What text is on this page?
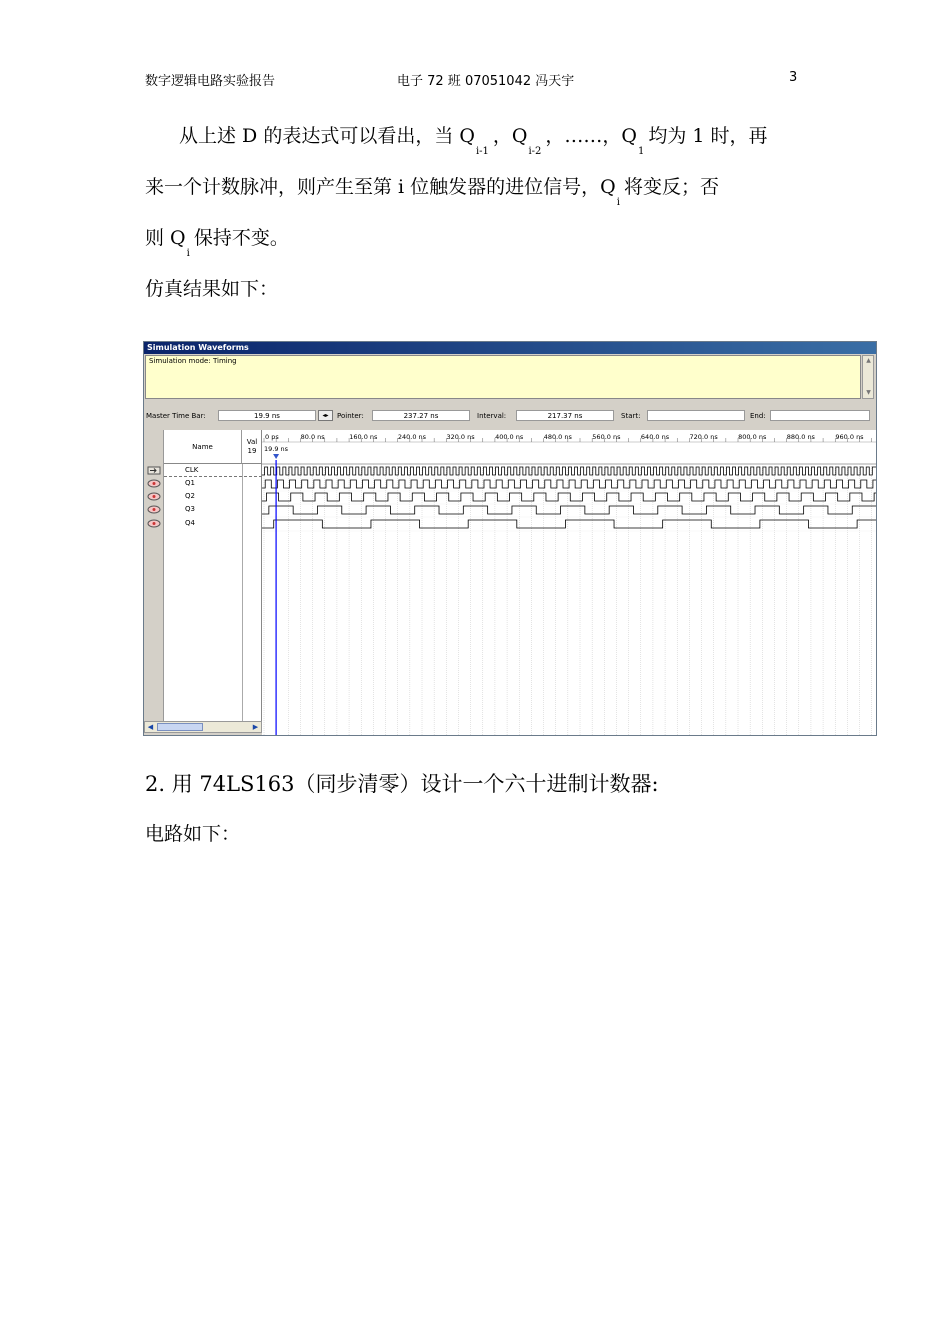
数字逻辑电路实验报告	电子 72 班 07051042 冯天宇	3
从上述 D 的表达式可以看出，当 $Q_{i-1}$，$Q_{i-2}$，……，$Q_1$均为 1 时，再
来一个计数脉冲，则产生至第 i 位触发器的进位信号，$Q_i$将变反；否
则 $Q_i$保持不变。
仿真结果如下：
Simulation Waveforms
Simulation mode: Timing	▲
▼
Master Time Bar:	19.9 ns	◂▸	Pointer:	237.27 ns	Interval:	217.37 ns	Start:	End:
Name
Val
19
CLK
Q1
Q2
Q3
Q4
◀	▶
0 ps	80.0 ns	160.0 ns	240.0 ns	320.0 ns	400.0 ns	480.0 ns	560.0 ns	640.0 ns	720.0 ns	800.0 ns	880.0 ns	960.0 ns
19.9 ns
2. 用 74LS163（同步清零）设计一个六十进制计数器:
电路如下：
